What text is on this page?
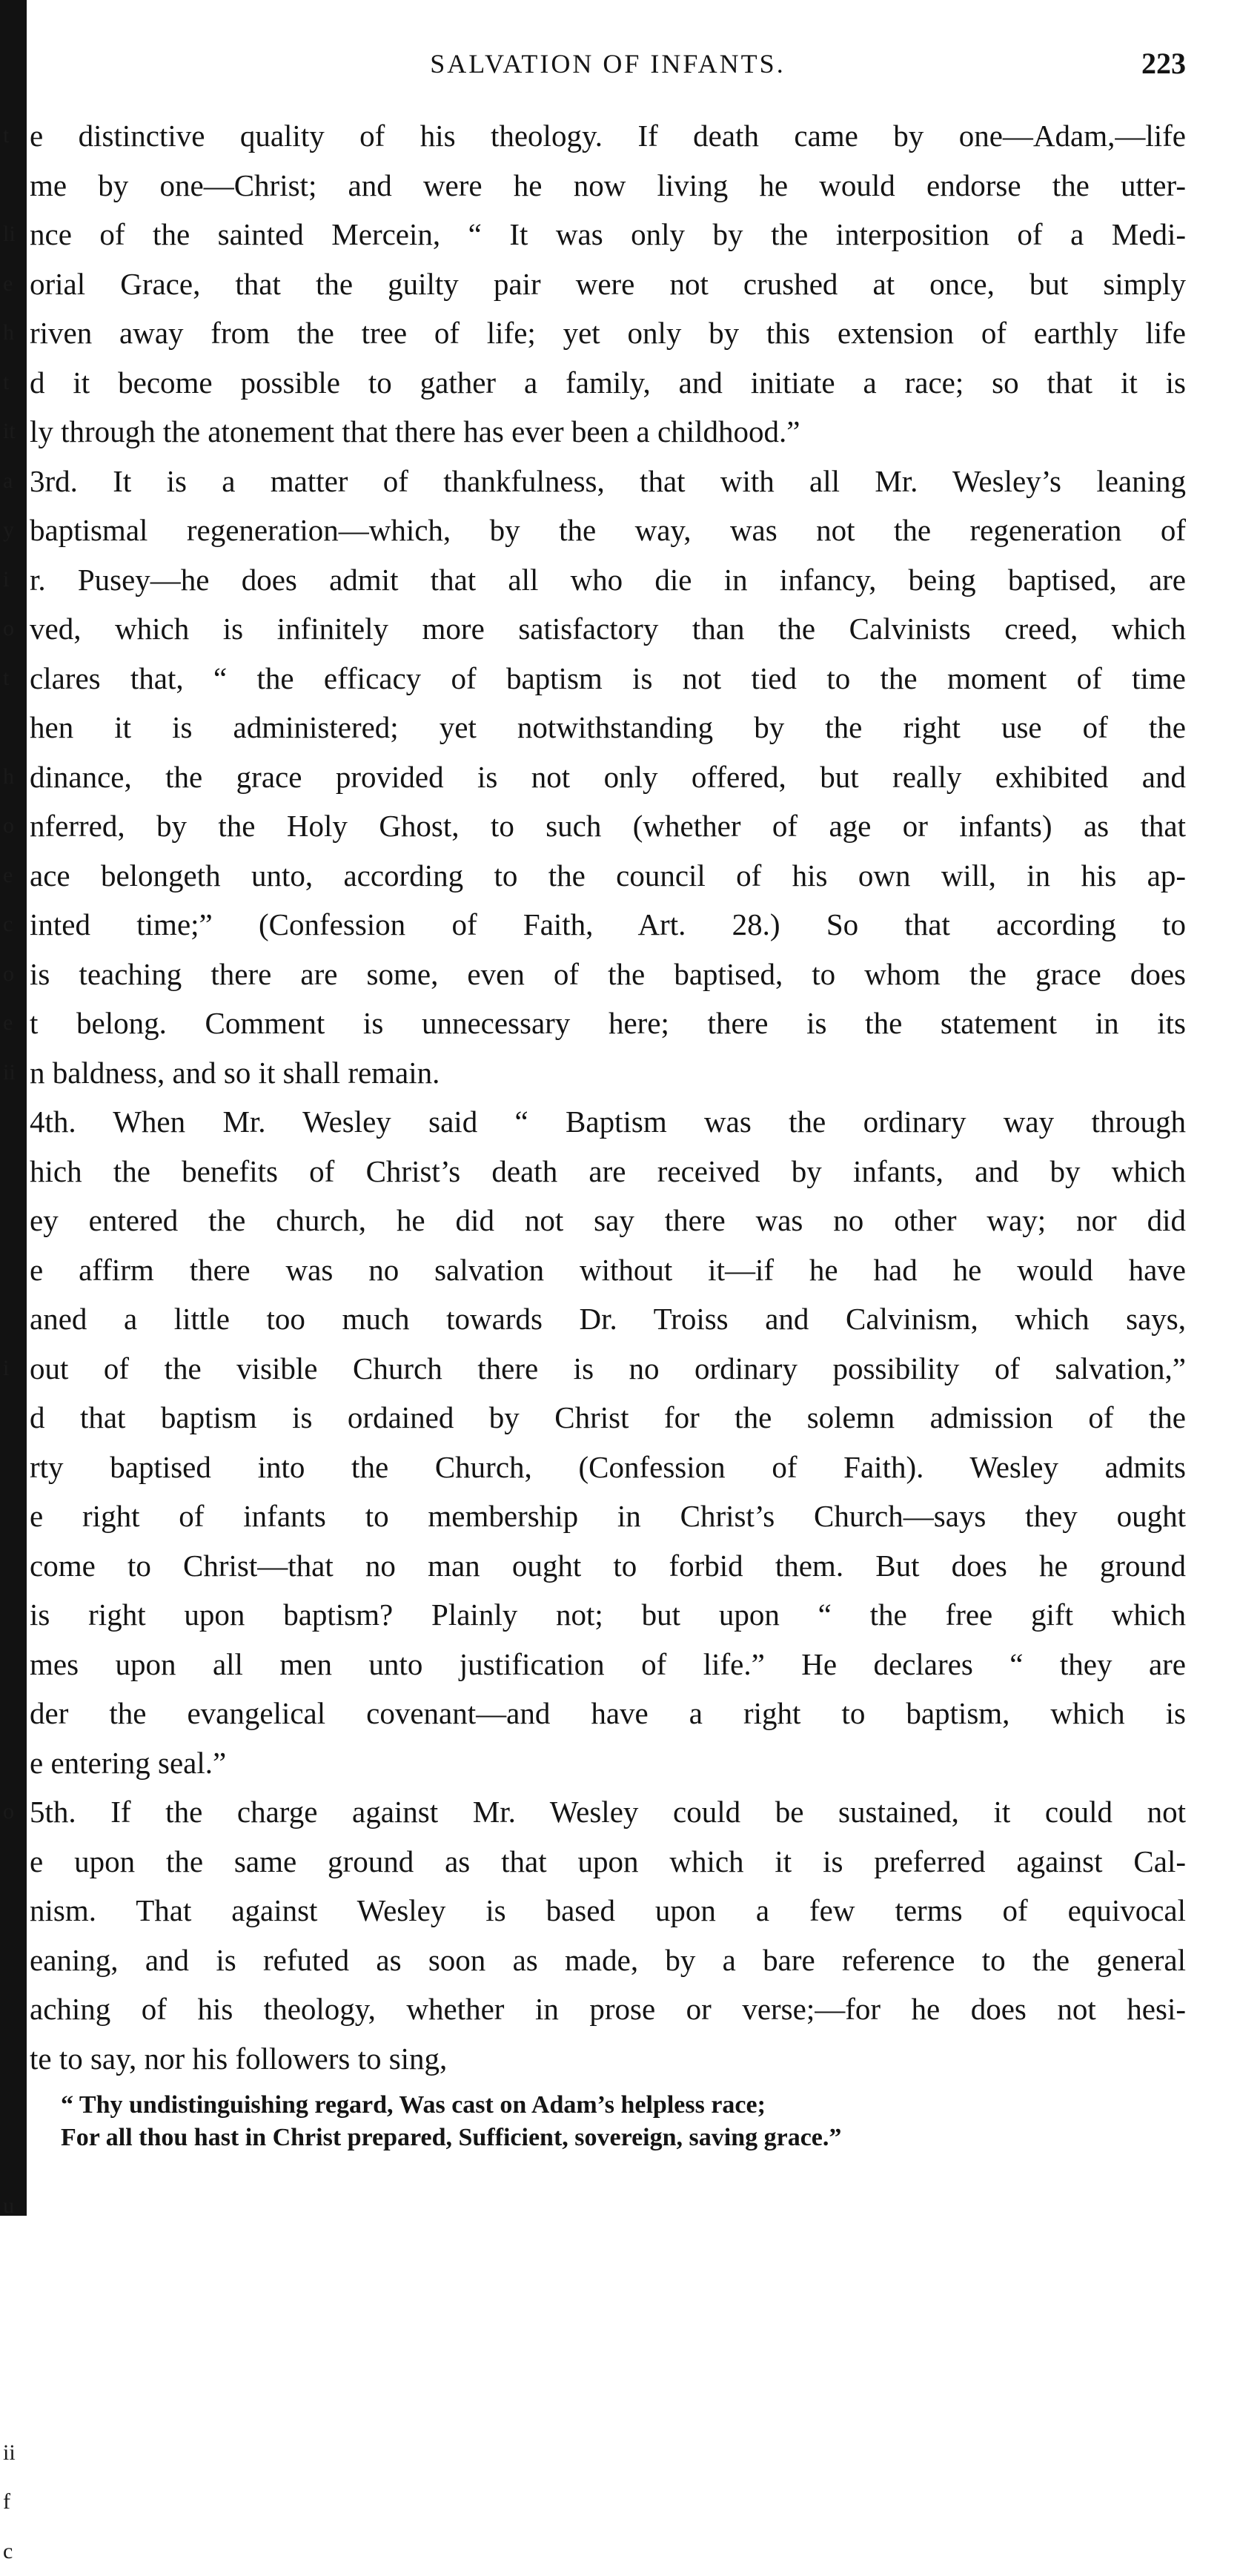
t
li
e
h
t
it
a
y
i
o
t
h
o
e
c
o
e
ii
i
o
u
ii
f
c
SALVATION OF INFANTS.	223
e distinctive quality of his theology. If death came by one—Adam,—life
me by one—Christ; and were he now living he would endorse the utter-
nce of the sainted Mercein, “ It was only by the interposition of a Medi-
orial Grace, that the guilty pair were not crushed at once, but simply
riven away from the tree of life; yet only by this extension of earthly life
d it become possible to gather a family, and initiate a race; so that it is
ly through the atonement that there has ever been a childhood.”
3rd. It is a matter of thankfulness, that with all Mr. Wesley’s leaning
baptismal regeneration—which, by the way, was not the regeneration of
r. Pusey—he does admit that all who die in infancy, being baptised, are
ved, which is infinitely more satisfactory than the Calvinists creed, which
clares that, “ the efficacy of baptism is not tied to the moment of time
hen it is administered; yet notwithstanding by the right use of the
dinance, the grace provided is not only offered, but really exhibited and
nferred, by the Holy Ghost, to such (whether of age or infants) as that
ace belongeth unto, according to the council of his own will, in his ap-
inted time;” (Confession of Faith, Art. 28.) So that according to
is teaching there are some, even of the baptised, to whom the grace does
t belong. Comment is unnecessary here; there is the statement in its
n baldness, and so it shall remain.
4th. When Mr. Wesley said “ Baptism was the ordinary way through
hich the benefits of Christ’s death are received by infants, and by which
ey entered the church, he did not say there was no other way; nor did
e affirm there was no salvation without it—if he had he would have
aned a little too much towards Dr. Troiss and Calvinism, which says,
out of the visible Church there is no ordinary possibility of salvation,”
d that baptism is ordained by Christ for the solemn admission of the
rty baptised into the Church, (Confession of Faith). Wesley admits
e right of infants to membership in Christ’s Church—says they ought
come to Christ—that no man ought to forbid them. But does he ground
is right upon baptism? Plainly not; but upon “ the free gift which
mes upon all men unto justification of life.” He declares “ they are
der the evangelical covenant—and have a right to baptism, which is
e entering seal.”
5th. If the charge against Mr. Wesley could be sustained, it could not
e upon the same ground as that upon which it is preferred against Cal-
nism. That against Wesley is based upon a few terms of equivocal
eaning, and is refuted as soon as made, by a bare reference to the general
aching of his theology, whether in prose or verse;—for he does not hesi-
te to say, nor his followers to sing,
“ Thy undistinguishing regard, Was cast on Adam’s helpless race;
For all thou hast in Christ prepared, Sufficient, sovereign, saving grace.”
